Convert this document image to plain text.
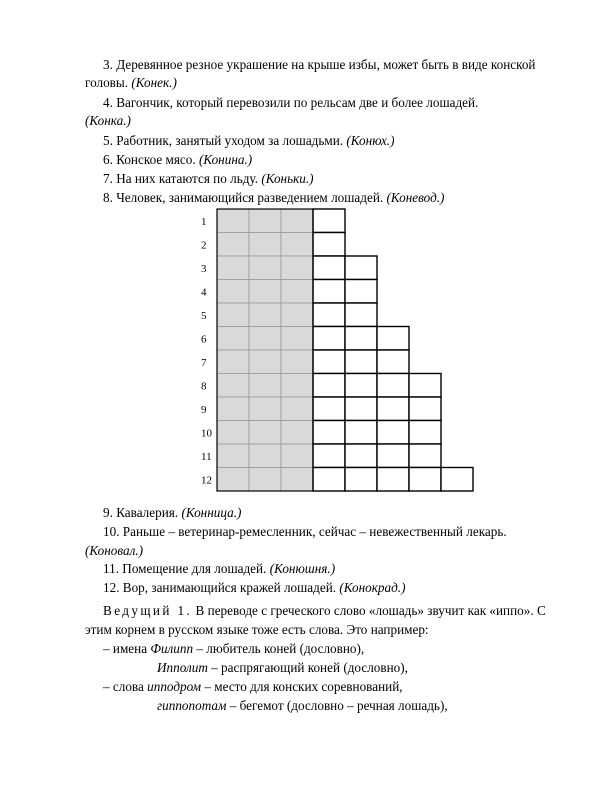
3. Деревянное резное украшение на крыше избы, может быть в виде конской
головы. (Конек.)
4. Вагончик, который перевозили по рельсам две и более лошадей.
(Конка.)
5. Работник, занятый уходом за лошадьми. (Конюх.)
6. Конское мясо. (Конина.)
7. На них катаются по льду. (Коньки.)
8. Человек, занимающийся разведением лошадей. (Коневод.)
1
2
3
4
5
6
7
8
9
10
11
12
9. Кавалерия. (Конница.)
10. Раньше – ветеринар-ремесленник, сейчас – невежественный лекарь.
(Коновал.)
11. Помещение для лошадей. (Конюшня.)
12. Вор, занимающийся кражей лошадей. (Конокрад.)
Ведущий 1. В переводе с греческого слово «лошадь» звучит как «иппо». С
этим корнем в русском языке тоже есть слова. Это например:
– имена Филипп – любитель коней (дословно),
Ипполит – распрягающий коней (дословно),
– слова ипподром – место для конских соревнований,
гиппопотам – бегемот (дословно – речная лошадь),
